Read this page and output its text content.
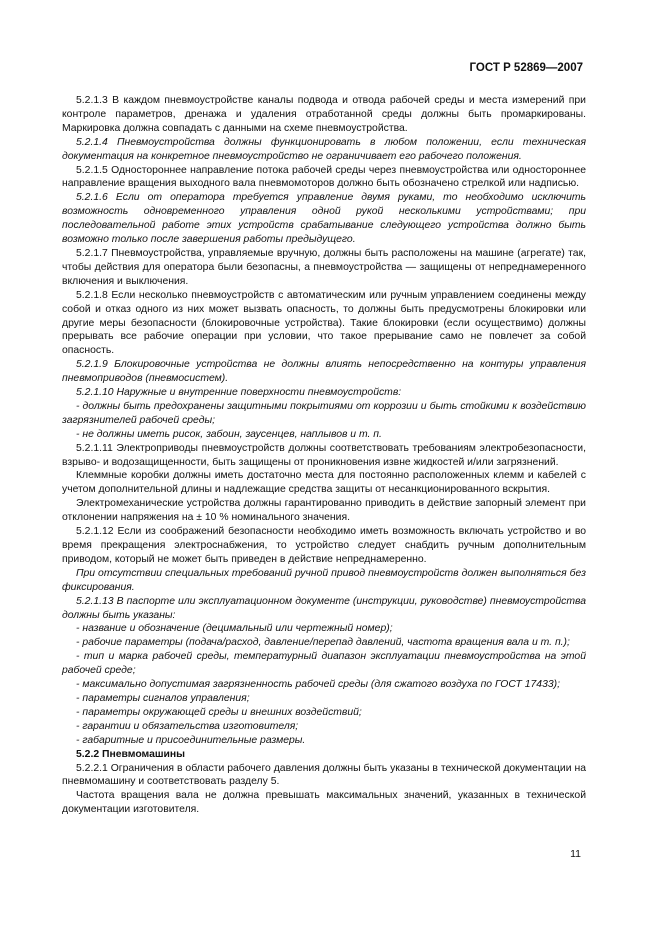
ГОСТ Р 52869—2007

5.2.1.3 В каждом пневмоустройстве каналы подвода и отвода рабочей среды и места измерений при контроле параметров, дренажа и удаления отработанной среды должны быть промаркированы. Маркировка должна совпадать с данными на схеме пневмоустройства.

5.2.1.4 Пневмоустройства должны функционировать в любом положении, если техническая документация на конкретное пневмоустройство не ограничивает его рабочего положения.

5.2.1.5 Одностороннее направление потока рабочей среды через пневмоустройства или одностороннее направление вращения выходного вала пневмомоторов должно быть обозначено стрелкой или надписью.

5.2.1.6 Если от оператора требуется управление двумя руками, то необходимо исключить возможность одновременного управления одной рукой несколькими устройствами; при последовательной работе этих устройств срабатывание следующего устройства должно быть возможно только после завершения работы предыдущего.

5.2.1.7 Пневмоустройства, управляемые вручную, должны быть расположены на машине (агрегате) так, чтобы действия для оператора были безопасны, а пневмоустройства — защищены от непреднамеренного включения и выключения.

5.2.1.8 Если несколько пневмоустройств с автоматическим или ручным управлением соединены между собой и отказ одного из них может вызвать опасность, то должны быть предусмотрены блокировки или другие меры безопасности (блокировочные устройства). Такие блокировки (если осуществимо) должны прерывать все рабочие операции при условии, что такое прерывание само не повлечет за собой опасность.

5.2.1.9 Блокировочные устройства не должны влиять непосредственно на контуры управления пневмоприводов (пневмосистем).

5.2.1.10 Наружные и внутренние поверхности пневмоустройств:

- должны быть предохранены защитными покрытиями от коррозии и быть стойкими к воздействию загрязнителей рабочей среды;

- не должны иметь рисок, забоин, заусенцев, наплывов и т. п.

5.2.1.11 Электроприводы пневмоустройств должны соответствовать требованиям электробезопасности, взрыво- и водозащищенности, быть защищены от проникновения извне жидкостей и/или загрязнений.

Клеммные коробки должны иметь достаточно места для постоянно расположенных клемм и кабелей с учетом дополнительной длины и надлежащие средства защиты от несанкционированного вскрытия.

Электромеханические устройства должны гарантированно приводить в действие запорный элемент при отклонении напряжения на ± 10 % номинального значения.

5.2.1.12 Если из соображений безопасности необходимо иметь возможность включать устройство и во время прекращения электроснабжения, то устройство следует снабдить ручным дополнительным приводом, который не может быть приведен в действие непреднамеренно.

При отсутствии специальных требований ручной привод пневмоустройств должен выполняться без фиксирования.

5.2.1.13 В паспорте или эксплуатационном документе (инструкции, руководстве) пневмоустройства должны быть указаны:

- название и обозначение (децимальный или чертежный номер);

- рабочие параметры (подача/расход, давление/перепад давлений, частота вращения вала и т. п.);

- тип и марка рабочей среды, температурный диапазон эксплуатации пневмоустройства на этой рабочей среде;

- максимально допустимая загрязненность рабочей среды (для сжатого воздуха по ГОСТ 17433);

- параметры сигналов управления;

- параметры окружающей среды и внешних воздействий;

- гарантии и обязательства изготовителя;

- габаритные и присоединительные размеры.

5.2.2 Пневмомашины

5.2.2.1 Ограничения в области рабочего давления должны быть указаны в технической документации на пневмомашину и соответствовать разделу 5.

Частота вращения вала не должна превышать максимальных значений, указанных в технической документации изготовителя.

11
